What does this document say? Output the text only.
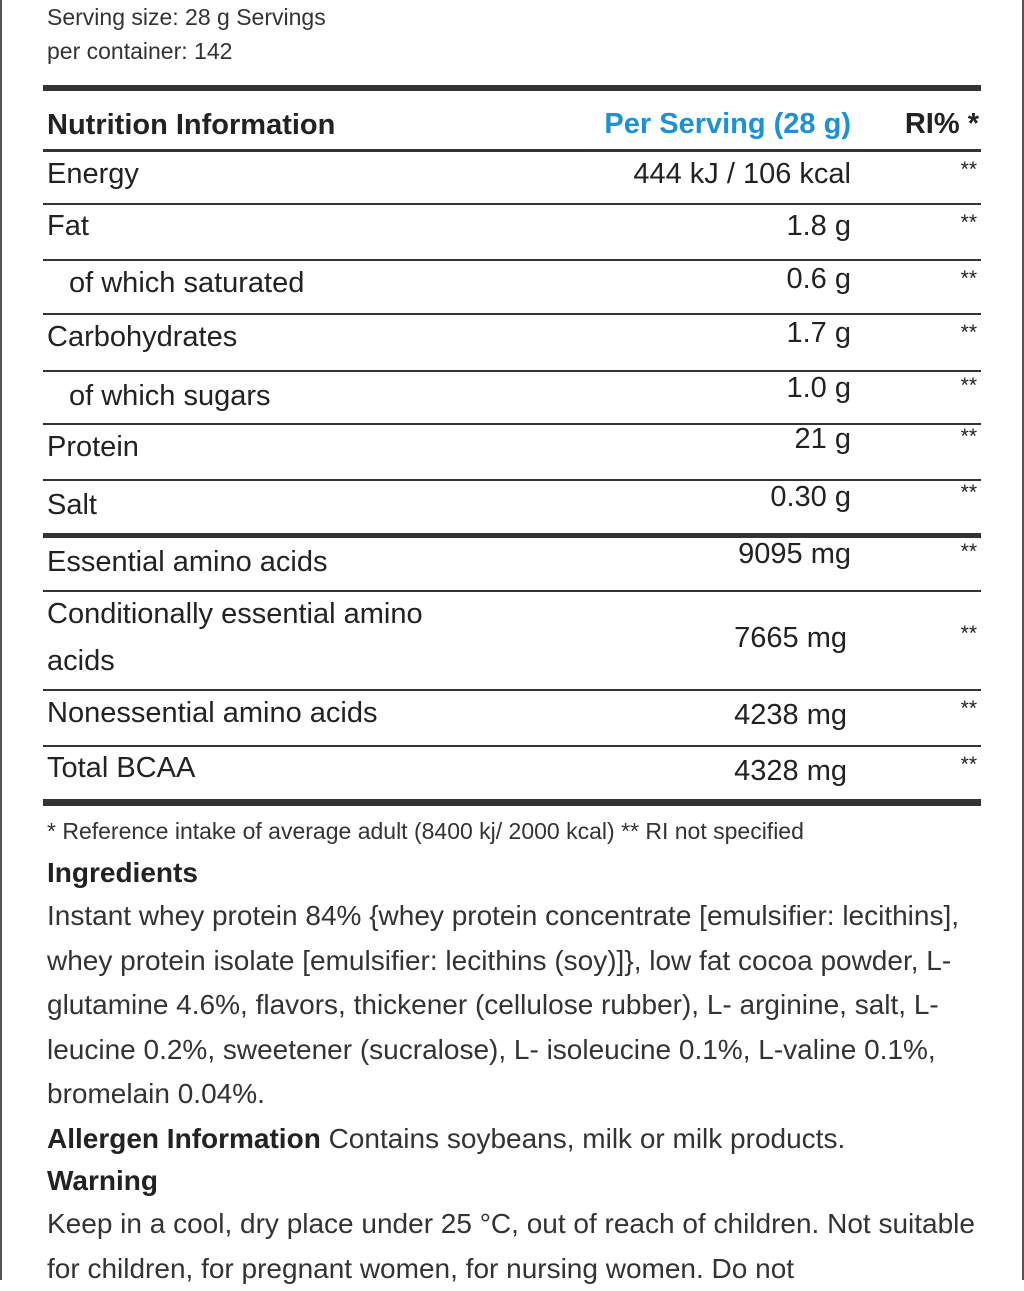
Serving size: 28 g Servings
per container: 142
Nutrition Information	Per Serving (28 g) RI% *
Energy	444 kJ / 106 kcal	**
Fat	1.8 g	**
of which saturated	0.6 g	**
Carbohydrates	1.7 g	**
of which sugars	1.0 g	**
Protein	21 g	**
Salt	0.30 g	**
Essential amino acids	9095 mg	**
Conditionally essential amino
acids
7665 mg	**
Nonessential amino acids	4238 mg	**
Total BCAA	4328 mg	**
* Reference intake of average adult (8400 kj/ 2000 kcal) ** RI not specified
Ingredients

Instant whey protein 84% {whey protein concentrate [emulsifier: lecithins], whey protein isolate [emulsifier: lecithins (soy)]}, low fat cocoa powder, L-glutamine 4.6%, flavors, thickener (cellulose rubber), L- arginine, salt, L-leucine 0.2%, sweetener (sucralose), L- isoleucine 0.1%, L-valine 0.1%, bromelain 0.04%.

Allergen Information Contains soybeans, milk or milk products.

Warning

Keep in a cool, dry place under 25 °C, out of reach of children. Not suitable for children, for pregnant women, for nursing women. Do not
